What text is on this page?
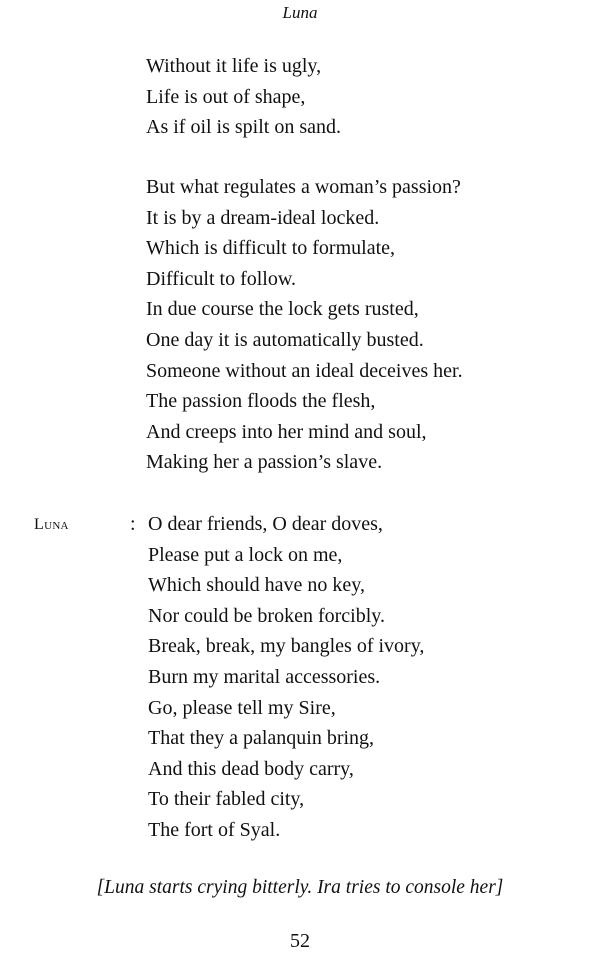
Luna
Without it life is ugly,
Life is out of shape,
As if oil is spilt on sand.
But what regulates a woman’s passion?
It is by a dream-ideal locked.
Which is difficult to formulate,
Difficult to follow.
In due course the lock gets rusted,
One day it is automatically busted.
Someone without an ideal deceives her.
The passion floods the flesh,
And creeps into her mind and soul,
Making her a passion’s slave.
Luna	: O dear friends, O dear doves,
Please put a lock on me,
Which should have no key,
Nor could be broken forcibly.
Break, break, my bangles of ivory,
Burn my marital accessories.
Go, please tell my Sire,
That they a palanquin bring,
And this dead body carry,
To their fabled city,
The fort of Syal.
[Luna starts crying bitterly. Ira tries to console her]
52
